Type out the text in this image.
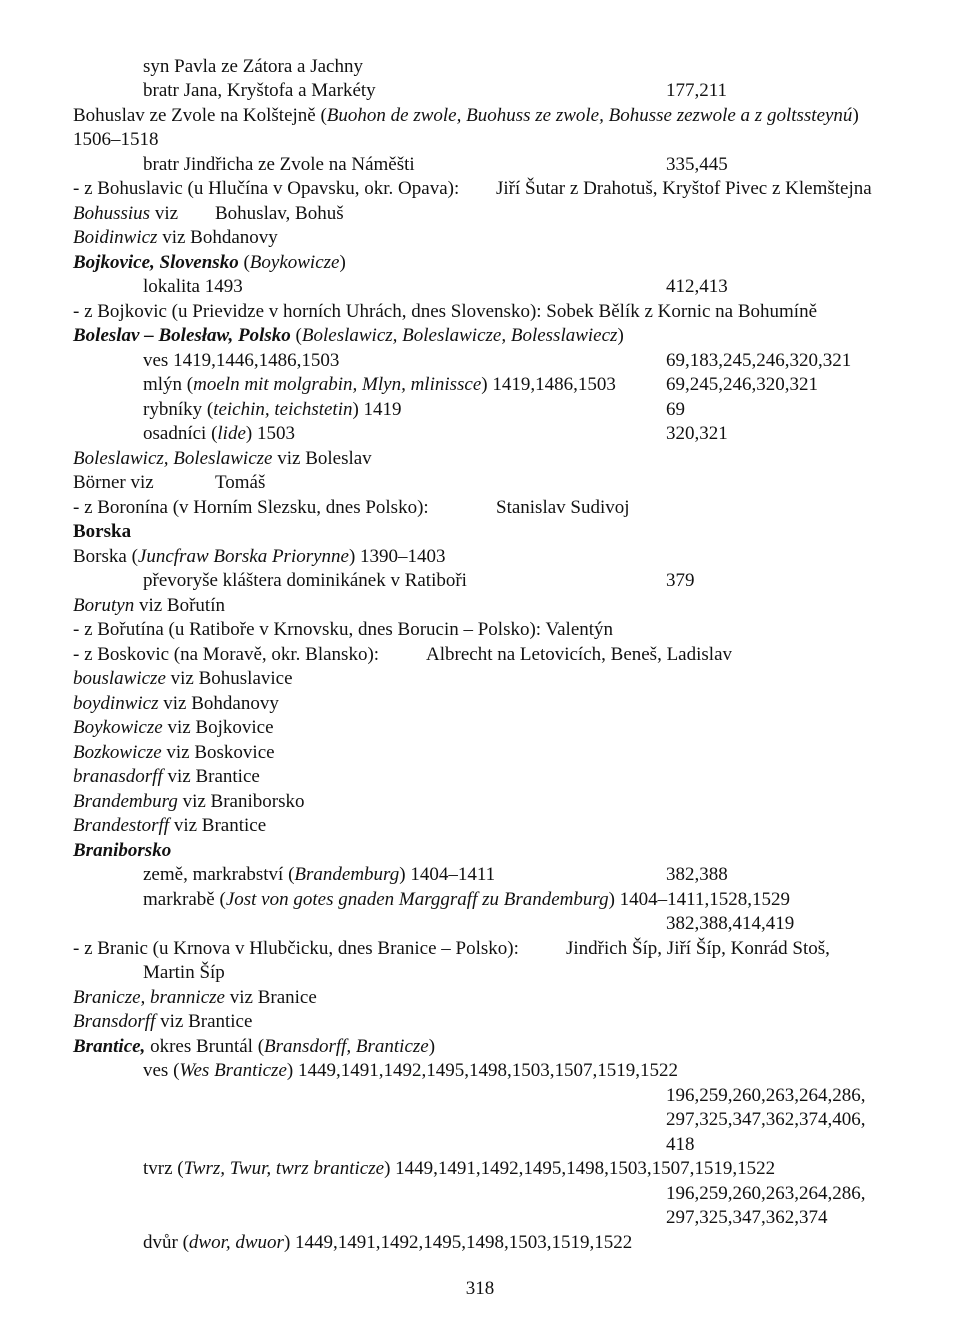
syn Pavla ze Zátora a Jachny
bratr Jana, Kryštofa a Markéty	177,211
Bohuslav ze Zvole na Kolštejně (Buohon de zwole, Buohuss ze zwole, Bohusse zezwole a z goltssteynú)
1506–1518
bratr Jindřicha ze Zvole na Náměšti	335,445
- z Bohuslavic (u Hlučína v Opavsku, okr. Opava): Jiří Šutar z Drahotuš, Kryštof Pivec z Klemštejna
Bohussius viz Bohuslav, Bohuš
Boidinwicz viz Bohdanovy
Bojkovice, Slovensko (Boykowicze)
lokalita 1493	412,413
- z Bojkovic (u Prievidze v horních Uhrách, dnes Slovensko): Sobek Bělík z Kornic na Bohumíně
Boleslav – Bolesław, Polsko (Boleslawicz, Boleslawicze, Bolesslawiecz)
ves 1419,1446,1486,1503	69,183,245,246,320,321
mlýn (moeln mit molgrabin, Mlyn, mlinissce) 1419,1486,1503	69,245,246,320,321
rybníky (teichin, teichstetin) 1419	69
osadníci (lide) 1503	320,321
Boleslawicz, Boleslawicze viz Boleslav
Börner viz	Tomáš
- z Boronína (v Horním Slezsku, dnes Polsko):	Stanislav Sudivoj
Borska
Borska (Juncfraw Borska Priorynne) 1390–1403
převoryše kláštera dominikánek v Ratiboři	379
Borutyn viz Bořutín
- z Bořutína (u Ratiboře v Krnovsku, dnes Borucin – Polsko): Valentýn
- z Boskovic (na Moravě, okr. Blansko): Albrecht na Letovicích, Beneš, Ladislav
bouslawicze viz Bohuslavice
boydinwicz viz Bohdanovy
Boykowicze viz Bojkovice
Bozkowicze viz Boskovice
branasdorff viz Brantice
Brandemburg viz Braniborsko
Brandestorff viz Brantice
Braniborsko
země, markrabství (Brandemburg) 1404–1411	382,388
markrabě (Jost von gotes gnaden Marggraff zu Brandemburg) 1404–1411,1528,1529
382,388,414,419
- z Branic (u Krnova v Hlubčicku, dnes Branice – Polsko): Jindřich Šíp, Jiří Šíp, Konrád Stoš,
Martin Šíp
Branicze, brannicze viz Branice
Bransdorff viz Brantice
Brantice, okres Bruntál (Bransdorff, Branticze)
ves (Wes Branticze) 1449,1491,1492,1495,1498,1503,1507,1519,1522
196,259,260,263,264,286,
297,325,347,362,374,406,
418
tvrz (Twrz, Twur, twrz branticze) 1449,1491,1492,1495,1498,1503,1507,1519,1522
196,259,260,263,264,286,
297,325,347,362,374
dvůr (dwor, dwuor) 1449,1491,1492,1495,1498,1503,1519,1522
318
